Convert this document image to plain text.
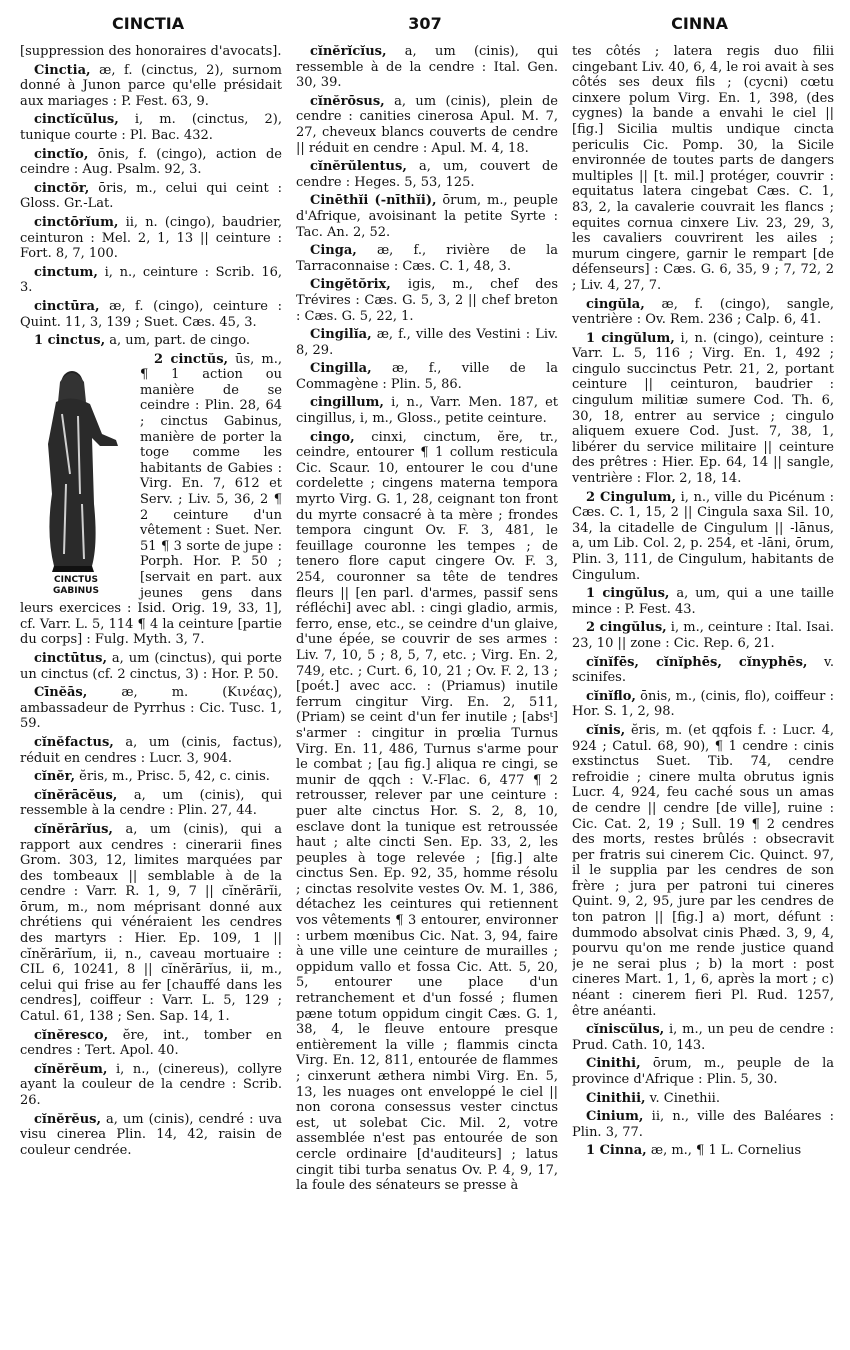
CINCTIA	307	CINNA

[suppression des honoraires d'avocats].

Cinctia, æ, f. (cinctus, 2), surnom donné à Junon parce qu'elle présidait aux mariages : P. Fest. 63, 9.

cinctĭcŭlus, i, m. (cinctus, 2), tunique courte : Pl. Bac. 432.

cinctĭo, ōnis, f. (cingo), action de ceindre : Aug. Psalm. 92, 3.

cinctŏr, ōris, m., celui qui ceint : Gloss. Gr.-Lat.

cinctōrĭum, ii, n. (cingo), baudrier, ceinturon : Mel. 2, 1, 13 || ceinture : Fort. 8, 7, 100.

cinctum, i, n., ceinture : Scrib. 16, 3.

cinctūra, æ, f. (cingo), ceinture : Quint. 11, 3, 139 ; Suet. Cæs. 45, 3.

1 cinctus, a, um, part. de cingo.

CINCTUS
GABINUS

2 cinctŭs, ūs, m., ¶ 1 action ou manière de se ceindre : Plin. 28, 64 ; cinctus Gabinus, manière de porter la toge comme les habitants de Gabies : Virg. En. 7, 612 et Serv. ; Liv. 5, 36, 2 ¶ 2 ceinture d'un vêtement : Suet. Ner. 51 ¶ 3 sorte de jupe : Porph. Hor. P. 50 ; [servait en part. aux jeunes gens dans leurs exercices : Isid. Orig. 19, 33, 1], cf. Varr. L. 5, 114 ¶ 4 la ceinture [partie du corps] : Fulg. Myth. 3, 7.

cinctūtus, a, um (cinctus), qui porte un cinctus (cf. 2 cinctus, 3) : Hor. P. 50.

Cīnĕās, æ, m. (Κινέας), ambassadeur de Pyrrhus : Cic. Tusc. 1, 59.

cĭnĕfactus, a, um (cinis, factus), réduit en cendres : Lucr. 3, 904.

cĭnĕr, ĕris, m., Prisc. 5, 42, c. cinis.

cĭnĕrācĕus, a, um (cinis), qui ressemble à la cendre : Plin. 27, 44.

cĭnĕrārĭus, a, um (cinis), qui a rapport aux cendres : cinerarii fines Grom. 303, 12, limites marquées par des tombeaux || semblable à de la cendre : Varr. R. 1, 9, 7 || cĭnĕrārĭi, ōrum, m., nom méprisant donné aux chrétiens qui vénéraient les cendres des martyrs : Hier. Ep. 109, 1 || cĭnĕrārĭum, ii, n., caveau mortuaire : CIL 6, 10241, 8 || cĭnĕrārĭus, ii, m., celui qui frise au fer [chauffé dans les cendres], coiffeur : Varr. L. 5, 129 ; Catul. 61, 138 ; Sen. Sap. 14, 1.

cĭnĕresco, ĕre, int., tomber en cendres : Tert. Apol. 40.

cĭnĕrĕum, i, n., (cinereus), collyre ayant la couleur de la cendre : Scrib. 26.

cĭnĕrĕus, a, um (cinis), cendré : uva visu cinerea Plin. 14, 42, raisin de couleur cendrée.

cĭnĕrĭcĭus, a, um (cinis), qui ressemble à de la cendre : Ital. Gen. 30, 39.

cĭnĕrōsus, a, um (cinis), plein de cendre : canities cinerosa Apul. M. 7, 27, cheveux blancs couverts de cendre || réduit en cendre : Apul. M. 4, 18.

cĭnĕrŭlentus, a, um, couvert de cendre : Heges. 5, 53, 125.

Cinēthĭi (-nīthĭi), ōrum, m., peuple d'Afrique, avoisinant la petite Syrte : Tac. An. 2, 52.

Cinga, æ, f., rivière de la Tarraconnaise : Cæs. C. 1, 48, 3.

Cingĕtŏrix, igis, m., chef des Trévires : Cæs. G. 5, 3, 2 || chef breton : Cæs. G. 5, 22, 1.

Cingilĭa, æ, f., ville des Vestini : Liv. 8, 29.

Cingilla, æ, f., ville de la Commagène : Plin. 5, 86.

cingillum, i, n., Varr. Men. 187, et cingillus, i, m., Gloss., petite ceinture.

cingo, cinxi, cinctum, ĕre, tr., ceindre, entourer ¶ 1 collum resticula Cic. Scaur. 10, entourer le cou d'une cordelette ; cingens materna tempora myrto Virg. G. 1, 28, ceignant ton front du myrte consacré à ta mère ; frondes tempora cingunt Ov. F. 3, 481, le feuillage couronne les tempes ; de tenero flore caput cingere Ov. F. 3, 254, couronner sa tête de tendres fleurs || [en parl. d'armes, passif sens réfléchi] avec abl. : cingi gladio, armis, ferro, ense, etc., se ceindre d'un glaive, d'une épée, se couvrir de ses armes : Liv. 7, 10, 5 ; 8, 5, 7, etc. ; Virg. En. 2, 749, etc. ; Curt. 6, 10, 21 ; Ov. F. 2, 13 ; [poét.] avec acc. : (Priamus) inutile ferrum cingitur Virg. En. 2, 511, (Priam) se ceint d'un fer inutile ; [absᵗ] s'armer : cingitur in prœlia Turnus Virg. En. 11, 486, Turnus s'arme pour le combat ; [au fig.] aliqua re cingi, se munir de qqch : V.-Flac. 6, 477 ¶ 2 retrousser, relever par une ceinture : puer alte cinctus Hor. S. 2, 8, 10, esclave dont la tunique est retroussée haut ; alte cincti Sen. Ep. 33, 2, les peuples à toge relevée ; [fig.] alte cinctus Sen. Ep. 92, 35, homme résolu ; cinctas resolvite vestes Ov. M. 1, 386, détachez les ceintures qui retiennent vos vêtements ¶ 3 entourer, environner : urbem mœnibus Cic. Nat. 3, 94, faire à une ville une ceinture de murailles ; oppidum vallo et fossa Cic. Att. 5, 20, 5, entourer une place d'un retranchement et d'un fossé ; flumen pæne totum oppidum cingit Cæs. G. 1, 38, 4, le fleuve entoure presque entièrement la ville ; flammis cincta Virg. En. 12, 811, entourée de flammes ; cinxerunt æthera nimbi Virg. En. 5, 13, les nuages ont enveloppé le ciel || non corona consessus vester cinctus est, ut solebat Cic. Mil. 2, votre assemblée n'est pas entourée de son cercle ordinaire [d'auditeurs] ; latus cingit tibi turba senatus Ov. P. 4, 9, 17, la foule des sénateurs se presse à

tes côtés ; latera regis duo filii cingebant Liv. 40, 6, 4, le roi avait à ses côtés ses deux fils ; (cycni) cœtu cinxere polum Virg. En. 1, 398, (des cygnes) la bande a envahi le ciel || [fig.] Sicilia multis undique cincta periculis Cic. Pomp. 30, la Sicile environnée de toutes parts de dangers multiples || [t. mil.] protéger, couvrir : equitatus latera cingebat Cæs. C. 1, 83, 2, la cavalerie couvrait les flancs ; equites cornua cinxere Liv. 23, 29, 3, les cavaliers couvrirent les ailes ; murum cingere, garnir le rempart [de défenseurs] : Cæs. G. 6, 35, 9 ; 7, 72, 2 ; Liv. 4, 27, 7.

cingŭla, æ, f. (cingo), sangle, ventrière : Ov. Rem. 236 ; Calp. 6, 41.

1 cingŭlum, i, n. (cingo), ceinture : Varr. L. 5, 116 ; Virg. En. 1, 492 ; cingulo succinctus Petr. 21, 2, portant ceinture || ceinturon, baudrier : cingulum militiæ sumere Cod. Th. 6, 30, 18, entrer au service ; cingulo aliquem exuere Cod. Just. 7, 38, 1, libérer du service militaire || ceinture des prêtres : Hier. Ep. 64, 14 || sangle, ventrière : Flor. 2, 18, 14.

2 Cingulum, i, n., ville du Picénum : Cæs. C. 1, 15, 2 || Cingula saxa Sil. 10, 34, la citadelle de Cingulum || -lānus, a, um Lib. Col. 2, p. 254, et -lāni, ōrum, Plin. 3, 111, de Cingulum, habitants de Cingulum.

1 cingŭlus, a, um, qui a une taille mince : P. Fest. 43.

2 cingŭlus, i, m., ceinture : Ital. Isai. 23, 10 || zone : Cic. Rep. 6, 21.

cĭnĭfēs, cĭnĭphēs, cĭnyphēs, v. scinifes.

cĭnĭflo, ōnis, m., (cinis, flo), coiffeur : Hor. S. 1, 2, 98.

cĭnis, ĕris, m. (et qqfois f. : Lucr. 4, 924 ; Catul. 68, 90), ¶ 1 cendre : cinis exstinctus Suet. Tib. 74, cendre refroidie ; cinere multa obrutus ignis Lucr. 4, 924, feu caché sous un amas de cendre || cendre [de ville], ruine : Cic. Cat. 2, 19 ; Sull. 19 ¶ 2 cendres des morts, restes brûlés : obsecravit per fratris sui cinerem Cic. Quinct. 97, il le supplia par les cendres de son frère ; jura per patroni tui cineres Quint. 9, 2, 95, jure par les cendres de ton patron || [fig.] a) mort, défunt : dummodo absolvat cinis Phæd. 3, 9, 4, pourvu qu'on me rende justice quand je ne serai plus ; b) la mort : post cineres Mart. 1, 1, 6, après la mort ; c) néant : cinerem fieri Pl. Rud. 1257, être anéanti.

cĭniscŭlus, i, m., un peu de cendre : Prud. Cath. 10, 143.

Cinithi, ōrum, m., peuple de la province d'Afrique : Plin. 5, 30.

Cinithii, v. Cinethii.

Cinium, ii, n., ville des Baléares : Plin. 3, 77.

1 Cinna, æ, m., ¶ 1 L. Cornelius
